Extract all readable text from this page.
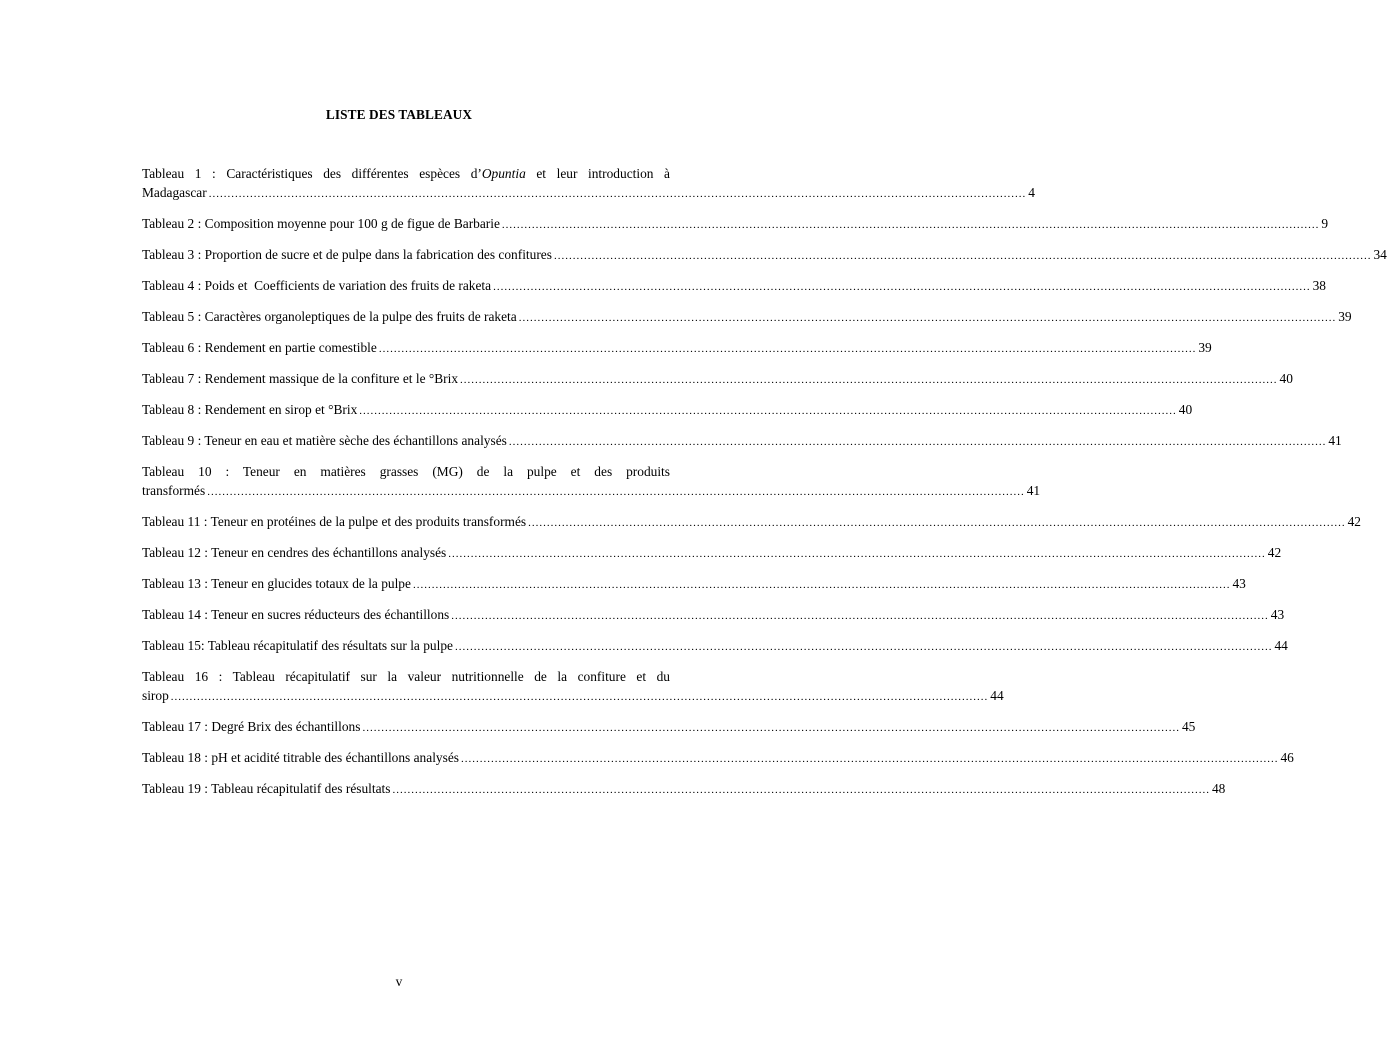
LISTE DES TABLEAUX
Tableau 1 : Caractéristiques des différentes espèces d’Opuntia et leur introduction à
Madagascar .......................................................................................................................................................................................................................... 4
Tableau 2 : Composition moyenne pour 100 g de figue de Barbarie .......................................................................................................................................................................................................................... 9
Tableau 3 : Proportion de sucre et de pulpe dans la fabrication des confitures .......................................................................................................................................................................................................................... 34
Tableau 4 : Poids et  Coefficients de variation des fruits de raketa .......................................................................................................................................................................................................................... 38
Tableau 5 : Caractères organoleptiques de la pulpe des fruits de raketa .......................................................................................................................................................................................................................... 39
Tableau 6 : Rendement en partie comestible .......................................................................................................................................................................................................................... 39
Tableau 7 : Rendement massique de la confiture et le °Brix .......................................................................................................................................................................................................................... 40
Tableau 8 : Rendement en sirop et °Brix .......................................................................................................................................................................................................................... 40
Tableau 9 : Teneur en eau et matière sèche des échantillons analysés .......................................................................................................................................................................................................................... 41
Tableau 10 : Teneur en matières grasses (MG) de la pulpe et des produits
transformés .......................................................................................................................................................................................................................... 41
Tableau 11 : Teneur en protéines de la pulpe et des produits transformés .......................................................................................................................................................................................................................... 42
Tableau 12 : Teneur en cendres des échantillons analysés .......................................................................................................................................................................................................................... 42
Tableau 13 : Teneur en glucides totaux de la pulpe .......................................................................................................................................................................................................................... 43
Tableau 14 : Teneur en sucres réducteurs des échantillons .......................................................................................................................................................................................................................... 43
Tableau 15: Tableau récapitulatif des résultats sur la pulpe .......................................................................................................................................................................................................................... 44
Tableau 16 : Tableau récapitulatif sur la valeur nutritionnelle de la confiture et du
sirop .......................................................................................................................................................................................................................... 44
Tableau 17 : Degré Brix des échantillons .......................................................................................................................................................................................................................... 45
Tableau 18 : pH et acidité titrable des échantillons analysés .......................................................................................................................................................................................................................... 46
Tableau 19 : Tableau récapitulatif des résultats .......................................................................................................................................................................................................................... 48
v
